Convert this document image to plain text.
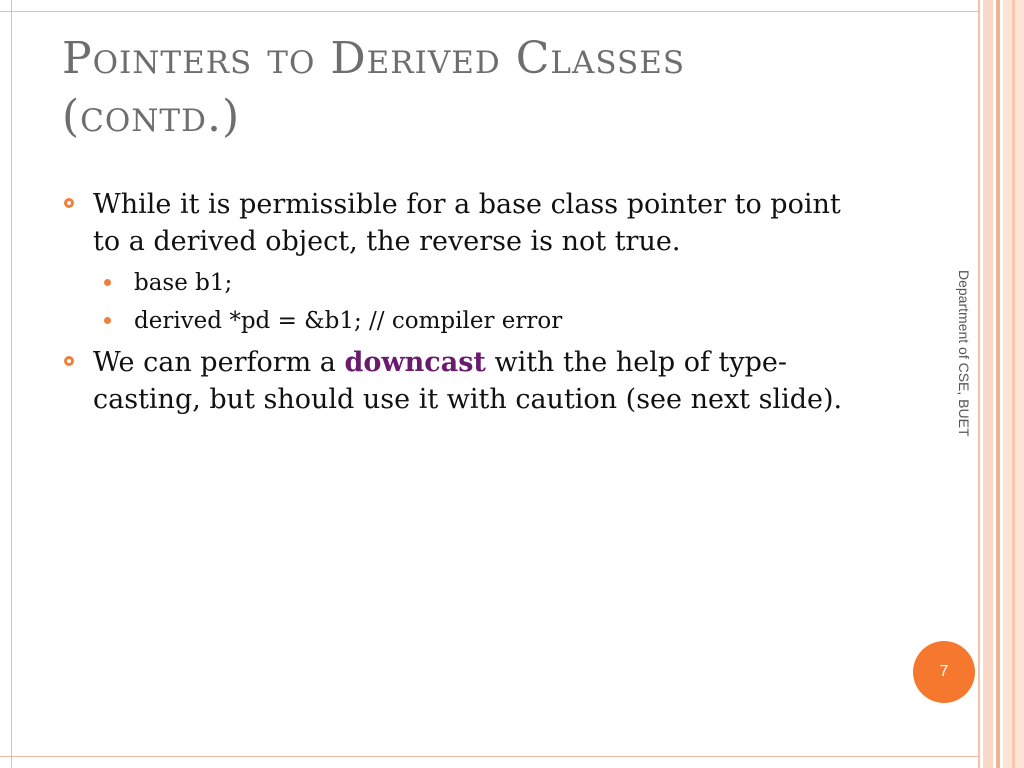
Pointers to Derived Classes
(contd.)
While it is permissible for a base class pointer to point to a derived object, the reverse is not true.
base b1;
derived *pd = &b1; // compiler error
We can perform a downcast with the help of type-casting, but should use it with caution (see next slide).	Department of CSE, BUET
7
